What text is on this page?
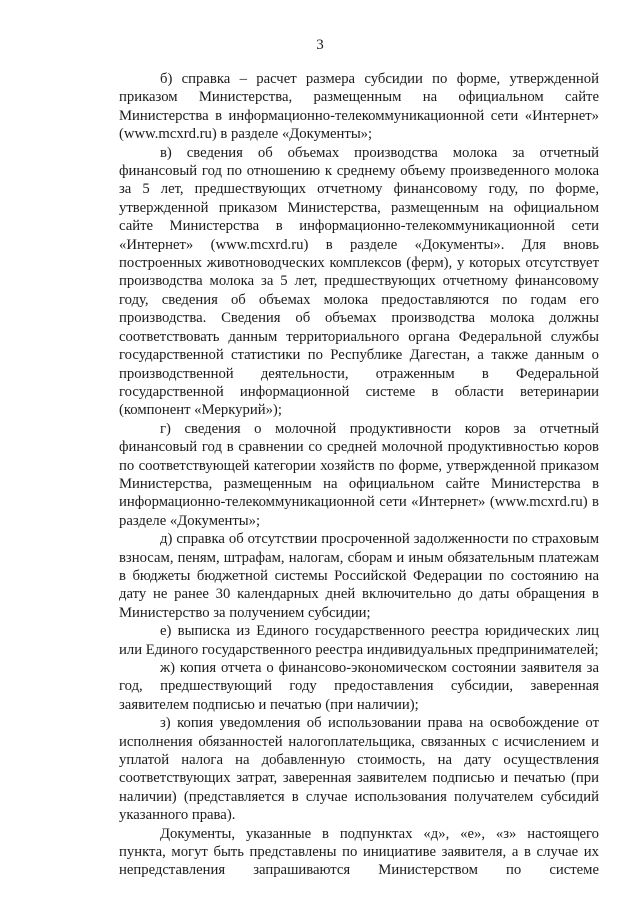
3

б) справка – расчет размера субсидии по форме, утвержденной приказом Министерства, размещенным на официальном сайте Министерства в информационно-телекоммуникационной сети «Интернет» (www.mcxrd.ru) в разделе «Документы»;

в) сведения об объемах производства молока за отчетный финансовый год по отношению к среднему объему произведенного молока за 5 лет, предшествующих отчетному финансовому году, по форме, утвержденной приказом Министерства, размещенным на официальном сайте Министерства в информационно-телекоммуникационной сети «Интернет» (www.mcxrd.ru) в разделе «Документы». Для вновь построенных животноводческих комплексов (ферм), у которых отсутствует производства молока за 5 лет, предшествующих отчетному финансовому году, сведения об объемах молока предоставляются по годам его производства. Сведения об объемах производства молока должны соответствовать данным территориального органа Федеральной службы государственной статистики по Республике Дагестан, а также данным о производственной деятельности, отраженным в Федеральной государственной информационной системе в области ветеринарии (компонент «Меркурий»);

г) сведения о молочной продуктивности коров за отчетный финансовый год в сравнении со средней молочной продуктивностью коров по соответствующей категории хозяйств по форме, утвержденной приказом Министерства, размещенным на официальном сайте Министерства в информационно-телекоммуникационной сети «Интернет» (www.mcxrd.ru) в разделе «Документы»;

д) справка об отсутствии просроченной задолженности по страховым взносам, пеням, штрафам, налогам, сборам и иным обязательным платежам в бюджеты бюджетной системы Российской Федерации по состоянию на дату не ранее 30 календарных дней включительно до даты обращения в Министерство за получением субсидии;

е) выписка из Единого государственного реестра юридических лиц или Единого государственного реестра индивидуальных предпринимателей;

ж) копия отчета о финансово-экономическом состоянии заявителя за год, предшествующий году предоставления субсидии, заверенная заявителем подписью и печатью (при наличии);

з) копия уведомления об использовании права на освобождение от исполнения обязанностей налогоплательщика, связанных с исчислением и уплатой налога на добавленную стоимость, на дату осуществления соответствующих затрат, заверенная заявителем подписью и печатью (при наличии) (представляется в случае использования получателем субсидий указанного права).

Документы, указанные в подпунктах «д», «е», «з» настоящего пункта, могут быть представлены по инициативе заявителя, а в случае их непредставления запрашиваются Министерством по системе
